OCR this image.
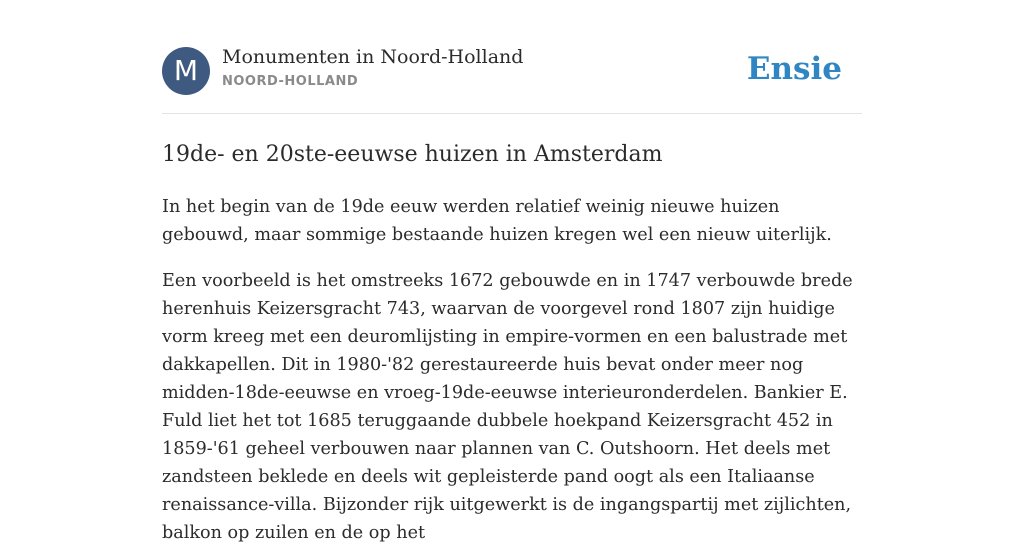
M	Monumenten in Noord-Holland
NOORD-HOLLAND	Ensie
19de- en 20ste-eeuwse huizen in Amsterdam

In het begin van de 19de eeuw werden relatief weinig nieuwe huizen gebouwd, maar sommige bestaande huizen kregen wel een nieuw uiterlijk.

Een voorbeeld is het omstreeks 1672 gebouwde en in 1747 verbouwde brede herenhuis Keizersgracht 743, waarvan de voorgevel rond 1807 zijn huidige vorm kreeg met een deuromlijsting in empire-vormen en een balustrade met dakkapellen. Dit in 1980-'82 gerestaureerde huis bevat onder meer nog midden-18de-eeuwse en vroeg-19de-eeuwse interieuronderdelen. Bankier E. Fuld liet het tot 1685 teruggaande dubbele hoekpand Keizersgracht 452 in 1859-'61 geheel verbouwen naar plannen van C. Outshoorn. Het deels met zandsteen beklede en deels wit gepleisterde pand oogt als een Italiaanse renaissance-villa. Bijzonder rijk uitgewerkt is de ingangspartij met zijlichten, balkon op zuilen en de op het
